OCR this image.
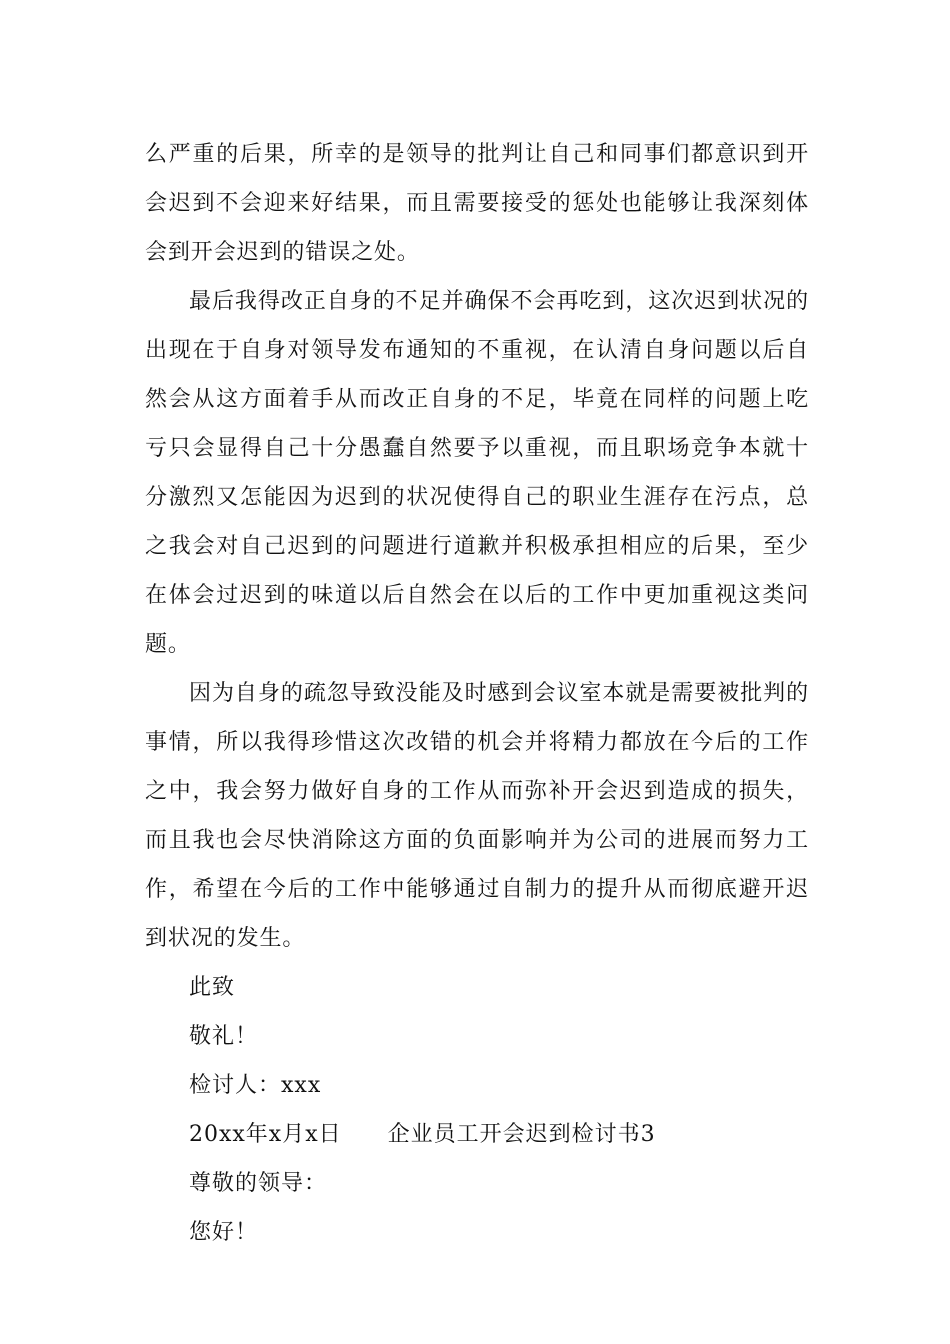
么严重的后果，所幸的是领导的批判让自己和同事们都意识到开会迟到不会迎来好结果，而且需要接受的惩处也能够让我深刻体会到开会迟到的错误之处。

最后我得改正自身的不足并确保不会再吃到，这次迟到状况的出现在于自身对领导发布通知的不重视，在认清自身问题以后自然会从这方面着手从而改正自身的不足，毕竟在同样的问题上吃亏只会显得自己十分愚蠢自然要予以重视，而且职场竞争本就十分激烈又怎能因为迟到的状况使得自己的职业生涯存在污点，总之我会对自己迟到的问题进行道歉并积极承担相应的后果，至少在体会过迟到的味道以后自然会在以后的工作中更加重视这类问题。

因为自身的疏忽导致没能及时感到会议室本就是需要被批判的事情，所以我得珍惜这次改错的机会并将精力都放在今后的工作之中，我会努力做好自身的工作从而弥补开会迟到造成的损失，而且我也会尽快消除这方面的负面影响并为公司的进展而努力工作，希望在今后的工作中能够通过自制力的提升从而彻底避开迟到状况的发生。

此致

敬礼！

检讨人：xxx

20xx年x月x日　　企业员工开会迟到检讨书3

尊敬的领导：

您好！
